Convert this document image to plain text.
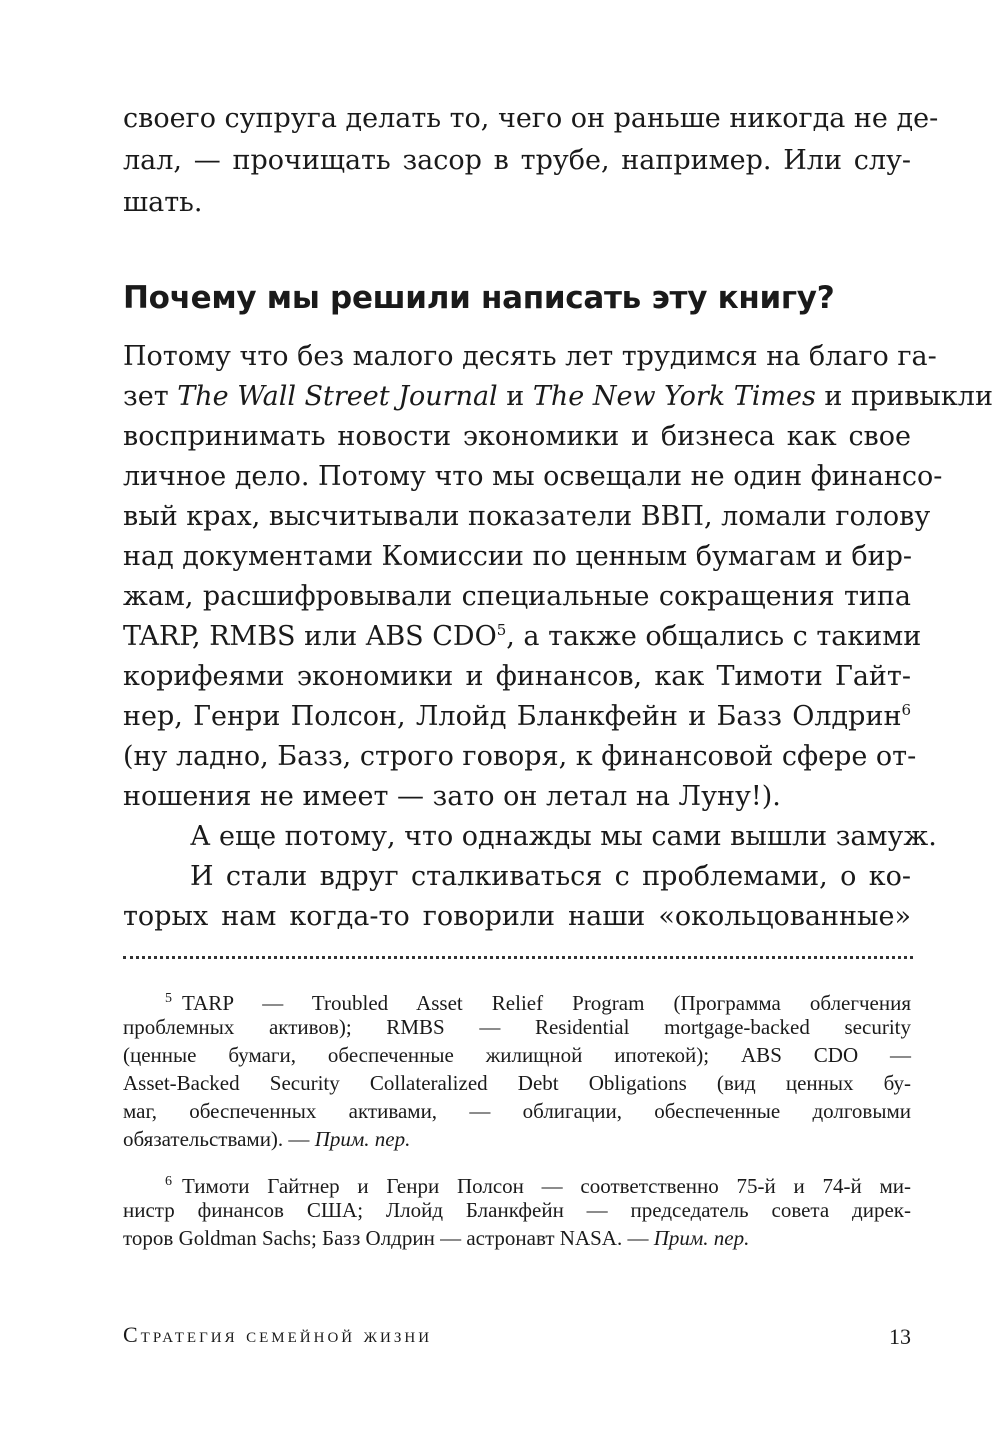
своего супруга делать то, чего он раньше никогда не де-
лал, — прочищать засор в трубе, например. Или слу-
шать.
Почему мы решили написать эту книгу?
Потому что без малого десять лет трудимся на благо га-
зет The Wall Street Journal и The New York Times и привыкли
воспринимать новости экономики и бизнеса как свое
личное дело. Потому что мы освещали не один финансо-
вый крах, высчитывали показатели ВВП, ломали голову
над документами Комиссии по ценным бумагам и бир-
жам, расшифровывали специальные сокращения типа
TARP, RMBS или ABS CDO$^5$, а также общались с такими
корифеями экономики и финансов, как Тимоти Гайт-
нер, Генри Полсон, Ллойд Бланкфейн и Базз Олдрин$^6$
(ну ладно, Базз, строго говоря, к финансовой сфере от-
ношения не имеет — зато он летал на Луну!).
А еще потому, что однажды мы сами вышли замуж.
И стали вдруг сталкиваться с проблемами, о ко-
торых нам когда-то говорили наши «окольцованные»
$^5$ TARP — Troubled Asset Relief Program (Программа облегчения
проблемных активов); RMBS — Residential mortgage-backed security
(ценные бумаги, обеспеченные жилищной ипотекой); ABS CDO —
Asset-Backed Security Collateralized Debt Obligations (вид ценных бу-
маг, обеспеченных активами, — облигации, обеспеченные долговыми
обязательствами). — Прим. пер.
$^6$ Тимоти Гайтнер и Генри Полсон — соответственно 75-й и 74-й ми-
нистр финансов США; Ллойд Бланкфейн — председатель совета дирек-
торов Goldman Sachs; Базз Олдрин — астронавт NASA. — Прим. пер.
Стратегия семейной жизни	13
